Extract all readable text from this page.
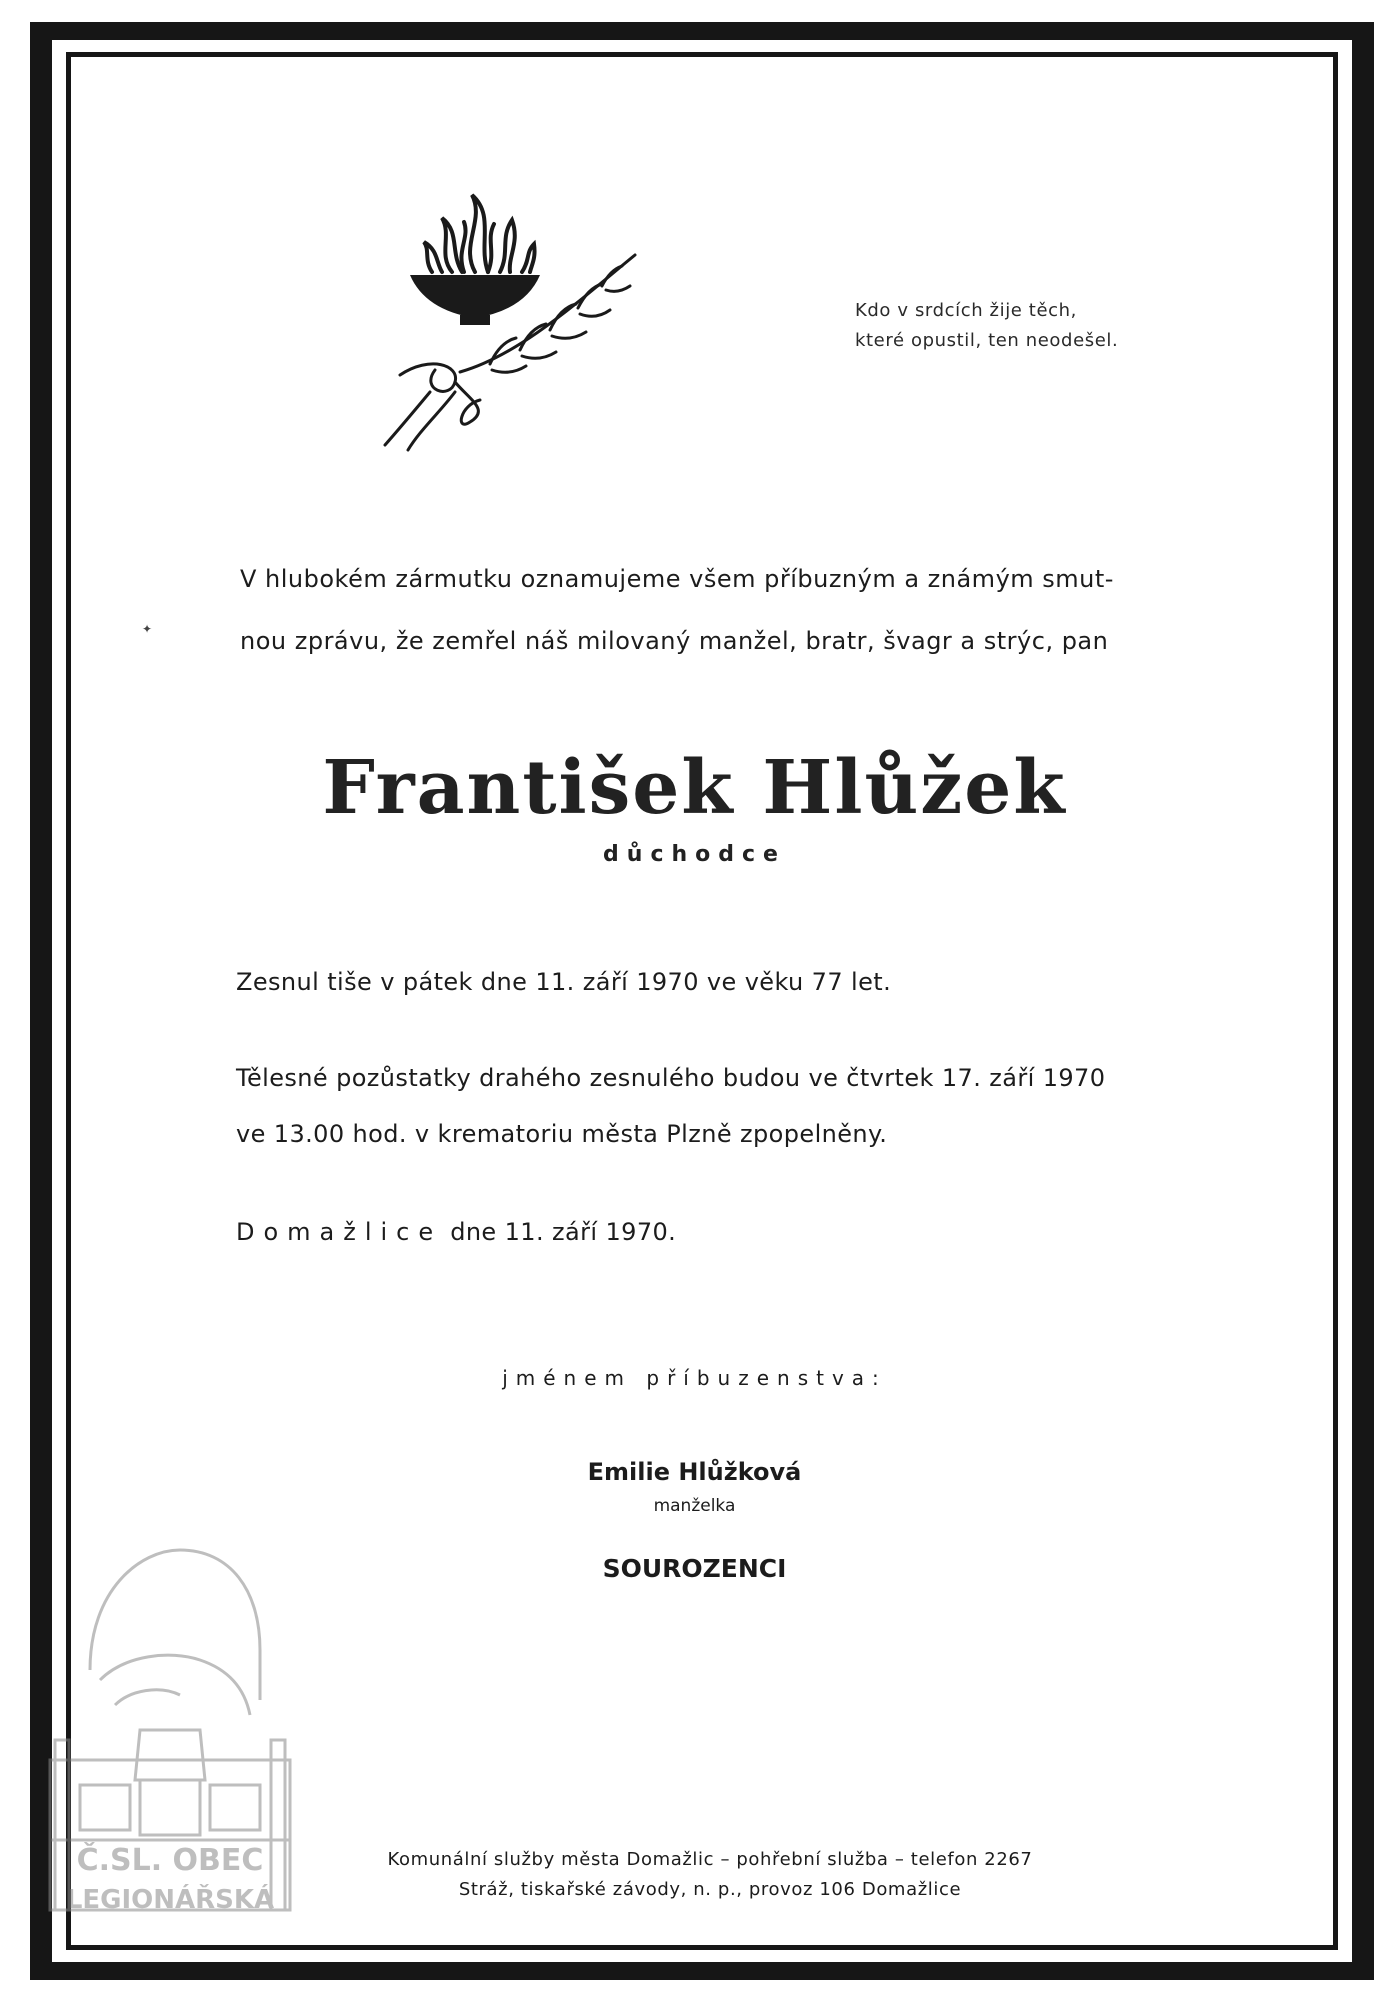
Kdo v srdcích žije těch,
které opustil, ten neodešel.
✦
V hlubokém zármutku oznamujeme všem příbuzným a známým smut-
nou zprávu, že zemřel náš milovaný manžel, bratr, švagr a strýc, pan
František Hlůžek
důchodce
Zesnul tiše v pátek dne 11. září 1970 ve věku 77 let.
Tělesné pozůstatky drahého zesnulého budou ve čtvrtek 17. září 1970
ve 13.00 hod. v krematoriu města Plzně zpopelněny.
Domažlice dne 11. září 1970.
jménem příbuzenstva:
Emilie Hlůžková
manželka
SOUROZENCI
Komunální služby města Domažlic – pohřební služba – telefon 2267
Stráž, tiskařské závody, n. p., provoz 106 Domažlice
Č.SL. OBEC
LEGIONÁŘSKÁ
